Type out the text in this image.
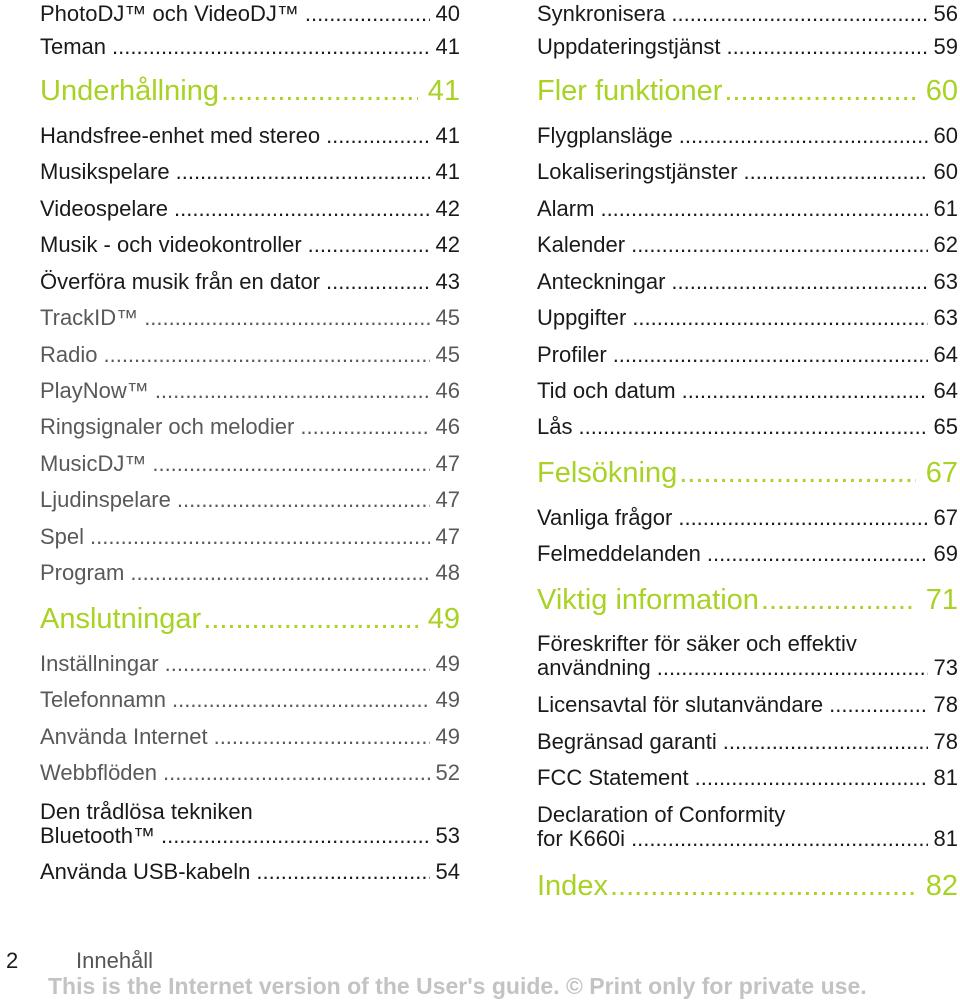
PhotoDJ™ och VideoDJ™ .....	40
Teman .....	41
Underhållning .....	41
Handsfree-enhet med stereo .....	41
Musikspelare .....	41
Videospelare .....	42
Musik - och videokontroller .....	42
Överföra musik från en dator .....	43
TrackID™ .....	45
Radio .....	45
PlayNow™ .....	46
Ringsignaler och melodier .....	46
MusicDJ™ .....	47
Ljudinspelare .....	47
Spel .....	47
Program .....	48
Anslutningar .....	49
Inställningar .....	49
Telefonnamn .....	49
Använda Internet .....	49
Webbflöden .....	52
Den trådlösa tekniken
Bluetooth™ .....	53
Använda USB-kabeln .....	54
Synkronisera .....	56
Uppdateringstjänst .....	59
Fler funktioner .....	60
Flygplansläge .....	60
Lokaliseringstjänster .....	60
Alarm .....	61
Kalender .....	62
Anteckningar .....	63
Uppgifter .....	63
Profiler .....	64
Tid och datum .....	64
Lås .....	65
Felsökning .....	67
Vanliga frågor .....	67
Felmeddelanden .....	69
Viktig information .....	71
Föreskrifter för säker och effektiv
användning .....	73
Licensavtal för slutanvändare .....	78
Begränsad garanti .....	78
FCC Statement .....	81
Declaration of Conformity
for K660i .....	81
Index .....	82
2	Innehåll
This is the Internet version of the User's guide. © Print only for private use.
